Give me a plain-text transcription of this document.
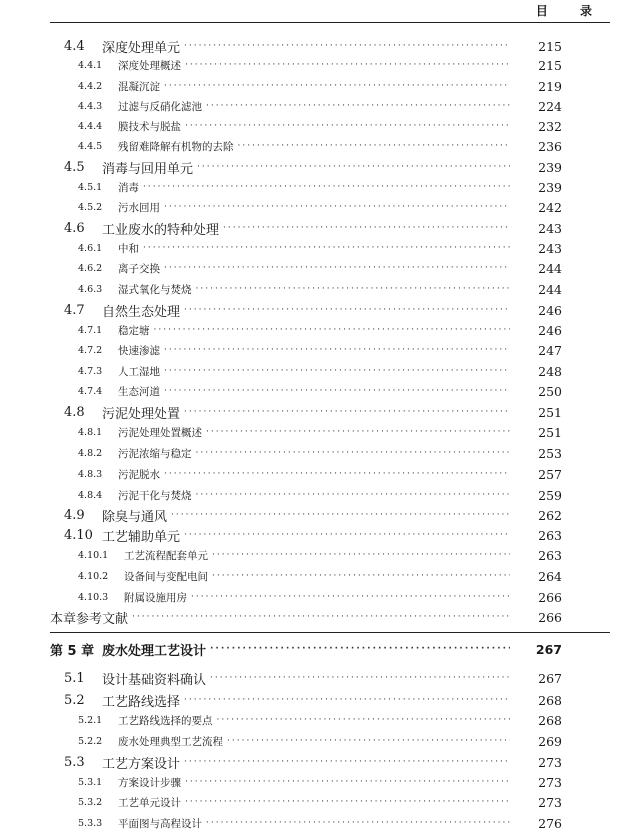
目 录
4.4	深度处理单元 ·····	215
4.4.1	深度处理概述 ·····	215
4.4.2	混凝沉淀 ·····	219
4.4.3	过滤与反硝化滤池 ·····	224
4.4.4	膜技术与脱盐 ·····	232
4.4.5	残留难降解有机物的去除 ·····	236
4.5	消毒与回用单元 ·····	239
4.5.1	消毒 ·····	239
4.5.2	污水回用 ·····	242
4.6	工业废水的特种处理 ·····	243
4.6.1	中和 ·····	243
4.6.2	离子交换 ·····	244
4.6.3	湿式氧化与焚烧 ·····	244
4.7	自然生态处理 ·····	246
4.7.1	稳定塘 ·····	246
4.7.2	快速渗滤 ·····	247
4.7.3	人工湿地 ·····	248
4.7.4	生态河道 ·····	250
4.8	污泥处理处置 ·····	251
4.8.1	污泥处理处置概述 ·····	251
4.8.2	污泥浓缩与稳定 ·····	253
4.8.3	污泥脱水 ·····	257
4.8.4	污泥干化与焚烧 ·····	259
4.9	除臭与通风 ·····	262
4.10 工艺辅助单元 ·····	263
4.10.1	工艺流程配套单元 ·····	263
4.10.2	设备间与变配电间 ·····	264
4.10.3	附属设施用房 ·····	266
本章参考文献 ·····	266
第 5 章 废水处理工艺设计 ·····	267
5.1	设计基础资料确认 ·····	267
5.2	工艺路线选择 ·····	268
5.2.1	工艺路线选择的要点 ·····	268
5.2.2	废水处理典型工艺流程 ·····	269
5.3	工艺方案设计 ·····	273
5.3.1	方案设计步骤 ·····	273
5.3.2	工艺单元设计 ·····	273
5.3.3	平面图与高程设计 ·····	276
